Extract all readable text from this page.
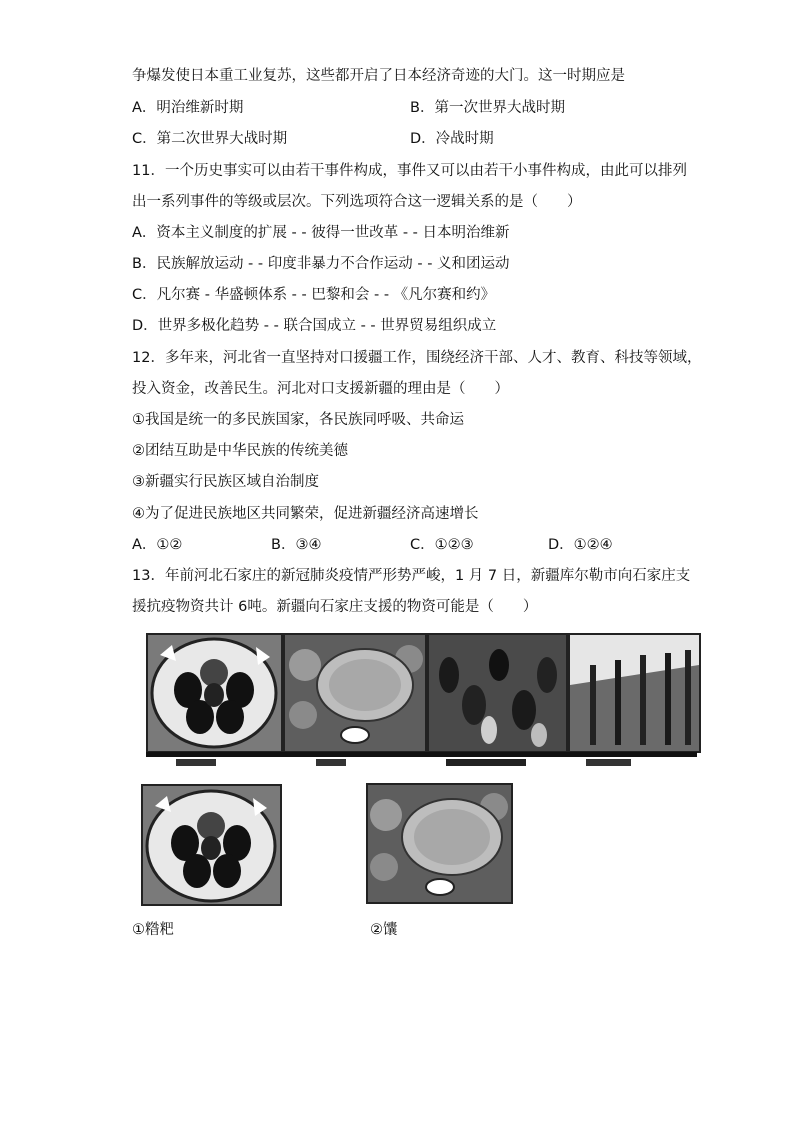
争爆发使日本重工业复苏，这些都开启了日本经济奇迹的大门。这一时期应是
A．明治维新时期	B．第一次世界大战时期
C．第二次世界大战时期	D．冷战时期
11．一个历史事实可以由若干事件构成，事件又可以由若干小事件构成，由此可以排列
出一系列事件的等级或层次。下列选项符合这一逻辑关系的是（　　）
A．资本主义制度的扩展 - - 彼得一世改革 - - 日本明治维新
B．民族解放运动 - - 印度非暴力不合作运动 - - 义和团运动
C．凡尔赛 - 华盛顿体系 - - 巴黎和会 - - 《凡尔赛和约》
D．世界多极化趋势 - - 联合国成立 - - 世界贸易组织成立
12．多年来，河北省一直坚持对口援疆工作，围绕经济干部、人才、教育、科技等领域，
投入资金，改善民生。河北对口支援新疆的理由是（　　）
①我国是统一的多民族国家，各民族同呼吸、共命运
②团结互助是中华民族的传统美德
③新疆实行民族区域自治制度
④为了促进民族地区共同繁荣，促进新疆经济高速增长
A．①②	B．③④	C．①②③	D．①②④
13．年前河北石家庄的新冠肺炎疫情严形势严峻，1 月 7 日，新疆库尔勒市向石家庄支
援抗疫物资共计 6吨。新疆向石家庄支援的物资可能是（　　）
①糌粑	②馕
